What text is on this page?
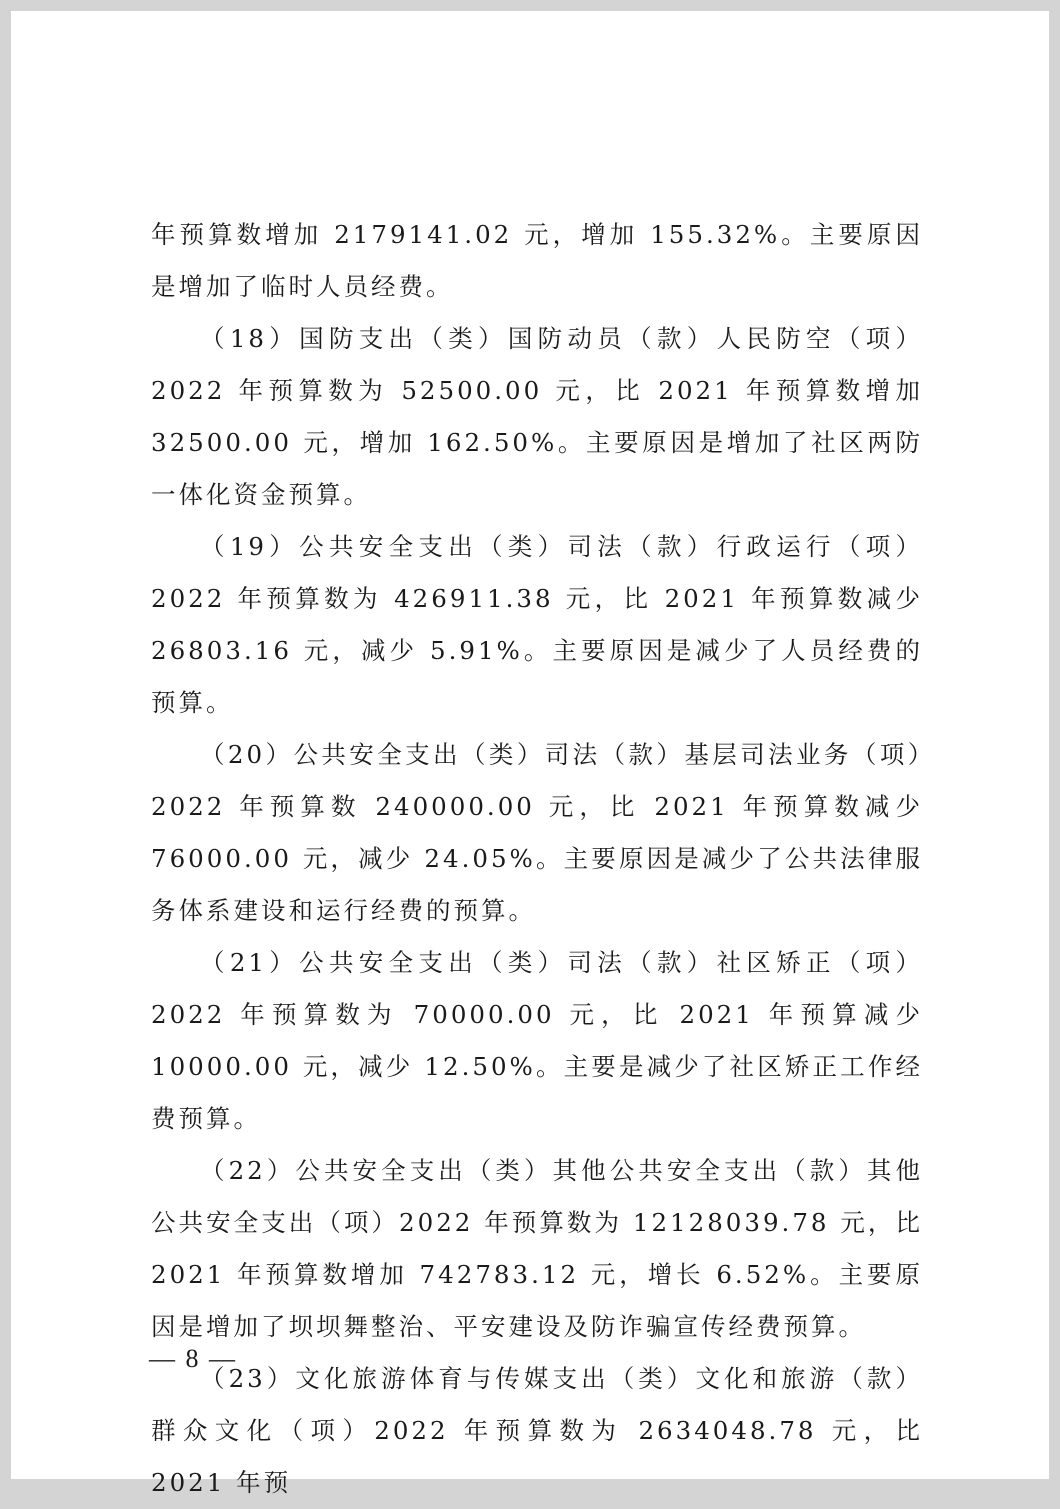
年预算数增加 2179141.02 元，增加 155.32%。主要原因是增加了临时人员经费。

（18）国防支出（类）国防动员（款）人民防空（项）2022 年预算数为 52500.00 元，比 2021 年预算数增加 32500.00 元，增加 162.50%。主要原因是增加了社区两防一体化资金预算。

（19）公共安全支出（类）司法（款）行政运行（项）2022 年预算数为 426911.38 元，比 2021 年预算数减少 26803.16 元，减少 5.91%。主要原因是减少了人员经费的预算。

（20）公共安全支出（类）司法（款）基层司法业务（项）2022 年预算数 240000.00 元，比 2021 年预算数减少 76000.00 元，减少 24.05%。主要原因是减少了公共法律服务体系建设和运行经费的预算。

（21）公共安全支出（类）司法（款）社区矫正（项）2022 年预算数为 70000.00 元，比 2021 年预算减少 10000.00 元，减少 12.50%。主要是减少了社区矫正工作经费预算。

（22）公共安全支出（类）其他公共安全支出（款）其他公共安全支出（项）2022 年预算数为 12128039.78 元，比 2021 年预算数增加 742783.12 元，增长 6.52%。主要原因是增加了坝坝舞整治、平安建设及防诈骗宣传经费预算。

（23）文化旅游体育与传媒支出（类）文化和旅游（款）群众文化（项）2022 年预算数为 2634048.78 元，比 2021 年预

— 8 —
